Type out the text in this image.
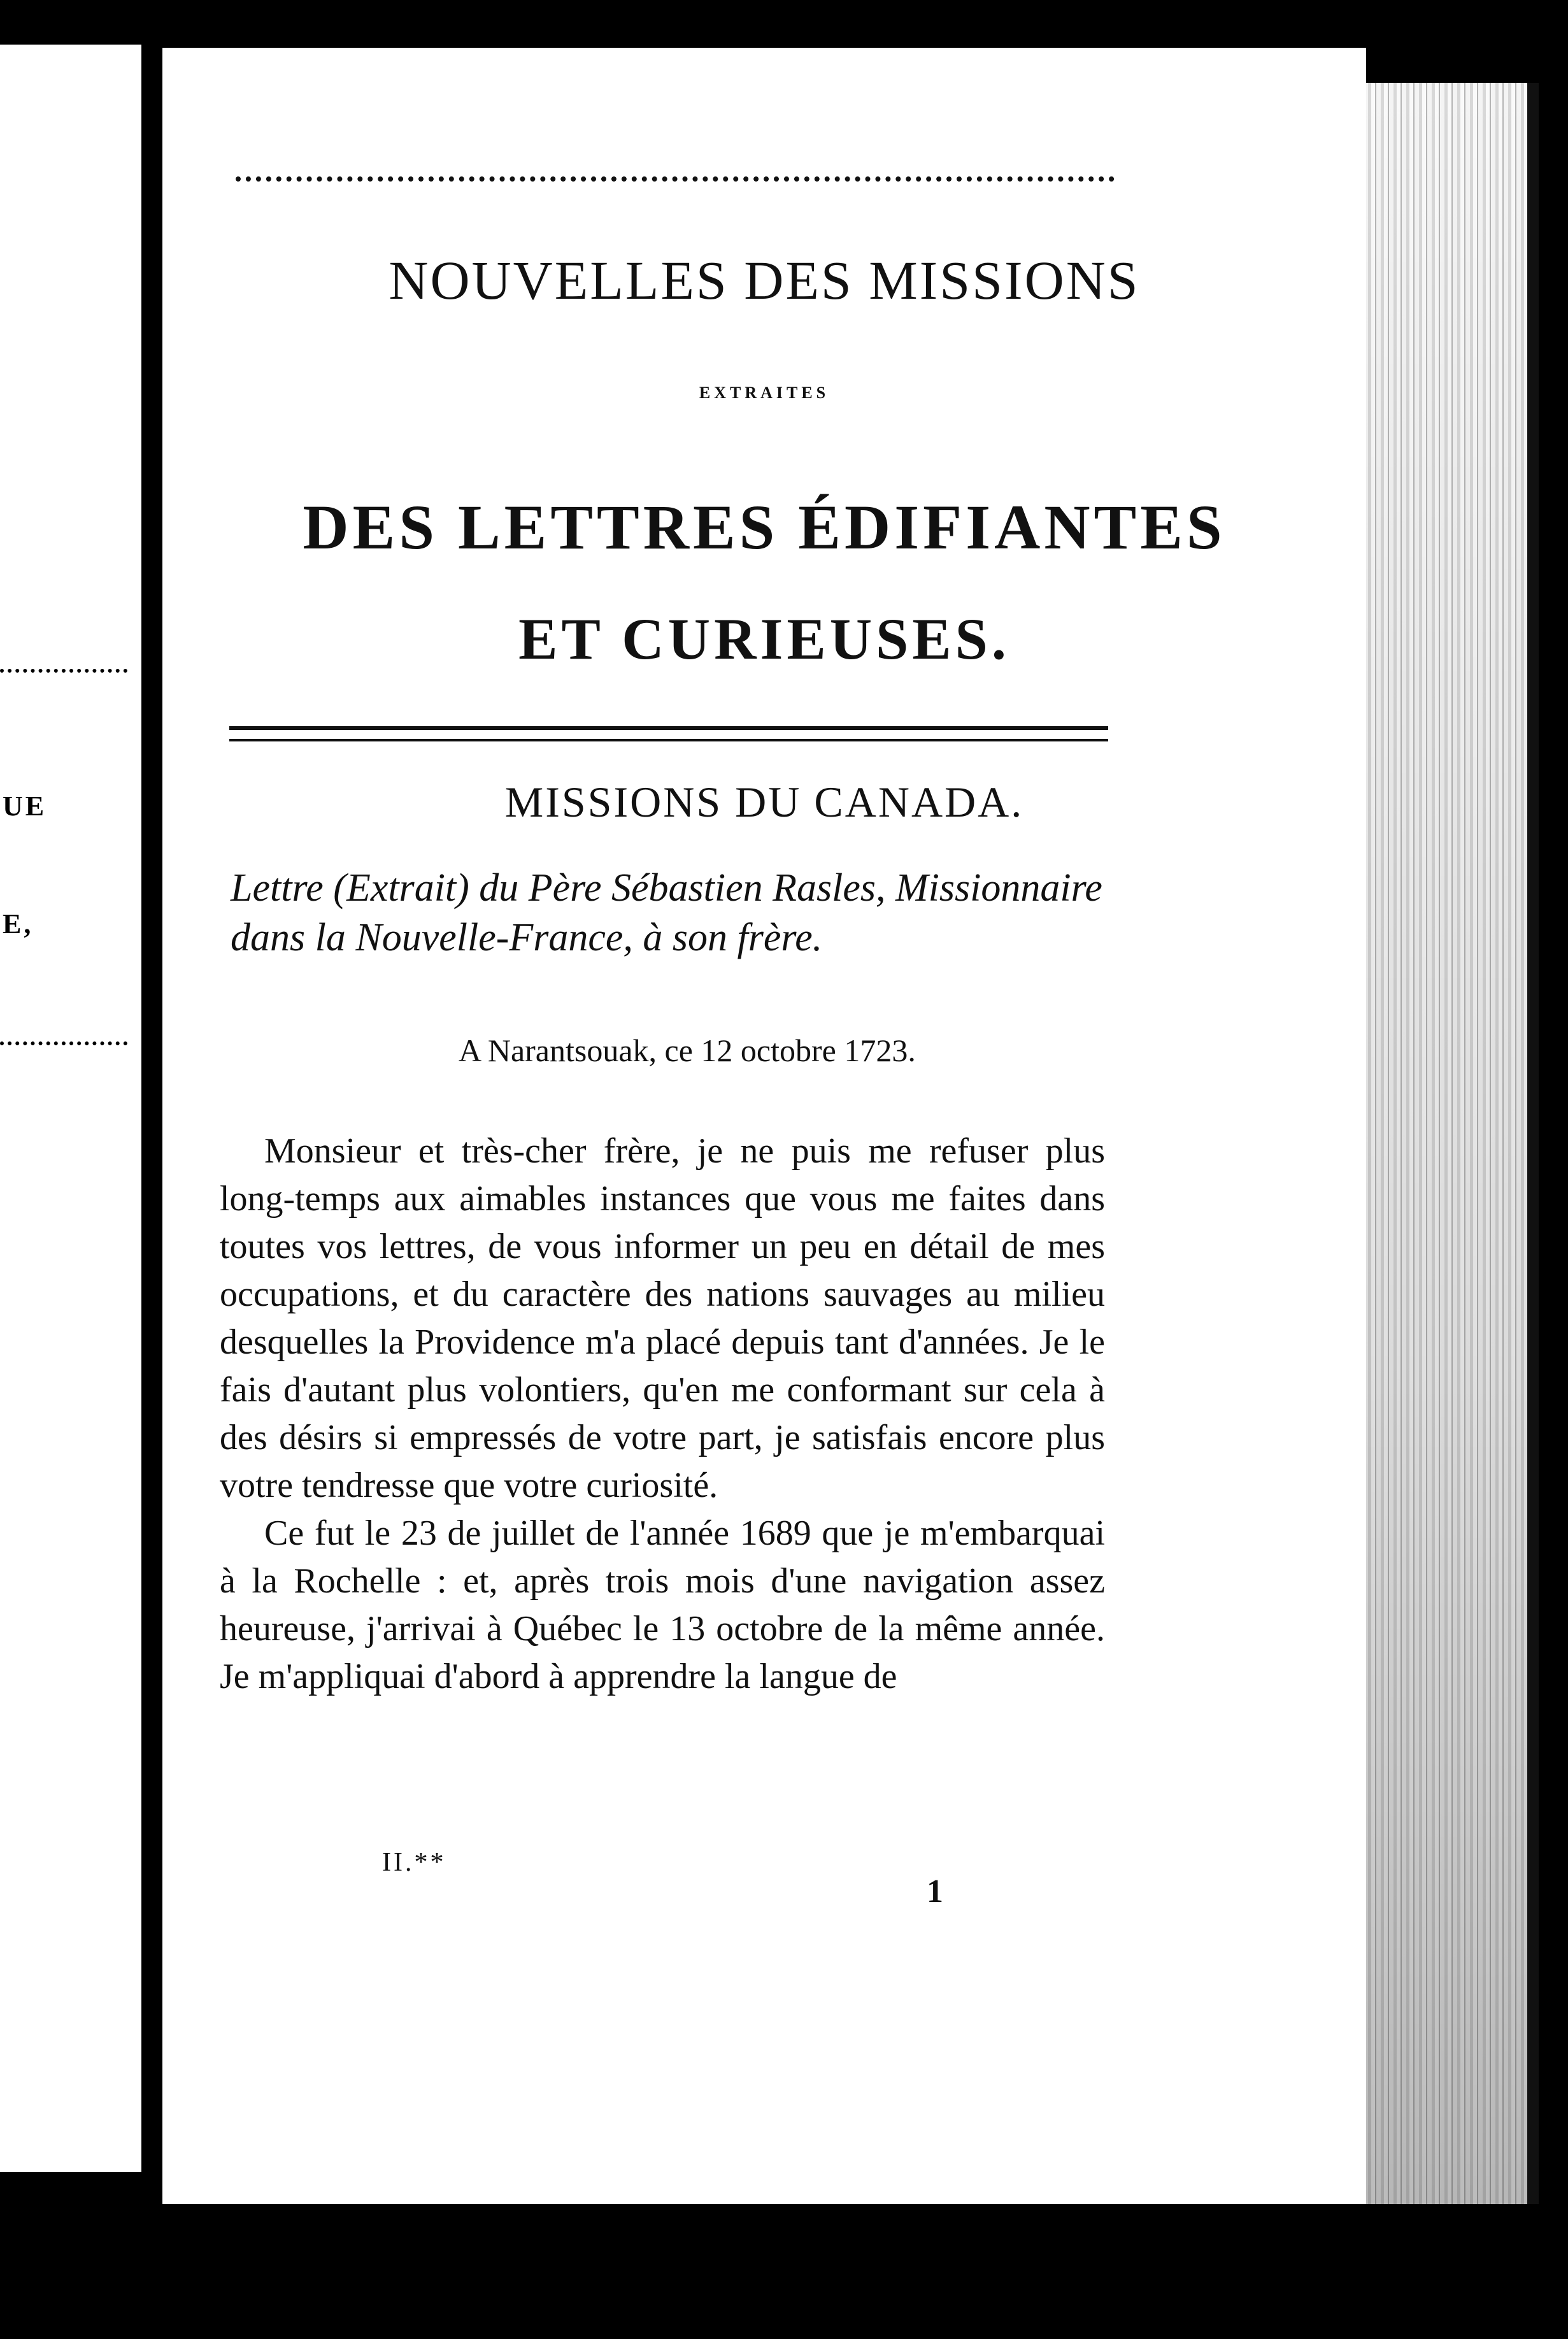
UE
E,
NOUVELLES DES MISSIONS
EXTRAITES
DES LETTRES ÉDIFIANTES
ET CURIEUSES.
MISSIONS DU CANADA.
Lettre (Extrait) du Père Sébastien Rasles, Missionnaire dans la Nouvelle-France, à son frère.
A Narantsouak, ce 12 octobre 1723.

Monsieur et très-cher frère, je ne puis me refuser plus long-temps aux aimables instances que vous me faites dans toutes vos lettres, de vous informer un peu en détail de mes occupations, et du caractère des nations sauvages au milieu desquelles la Providence m'a placé depuis tant d'années. Je le fais d'autant plus volontiers, qu'en me conformant sur cela à des désirs si empressés de votre part, je satisfais encore plus votre tendresse que votre curiosité.

Ce fut le 23 de juillet de l'année 1689 que je m'embarquai à la Rochelle : et, après trois mois d'une navigation assez heureuse, j'arrivai à Québec le 13 octobre de la même année. Je m'appliquai d'abord à apprendre la langue de

II.**
1
